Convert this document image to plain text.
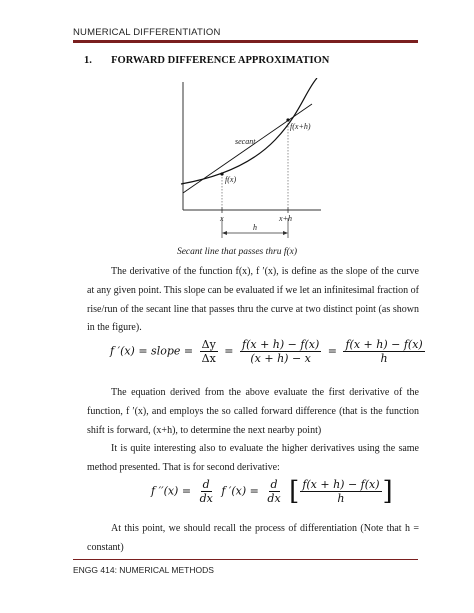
NUMERICAL DIFFERENTIATION
1. FORWARD DIFFERENCE APPROXIMATION
secant
f(x+h)
f(x)
x	x+h
h
Secant line that passes thru f(x)
The derivative of the function f(x), f ′(x), is define as the slope of the curve at any given point. This slope can be evaluated if we let an infinitesimal fraction of rise/run of the secant line that passes thru the curve at two distinct point (as shown in the figure).
f ′(x) = slope = $\frac{\Delta y}{\Delta x} = \frac{f(x + h) - f(x)}{(x + h) - x} = \frac{f(x + h) - f(x)}{h}$
The equation derived from the above evaluate the first derivative of the function, f ′(x), and employs the so called forward difference (that is the function shift is forward, (x+h), to determine the next nearby point)
It is quite interesting also to evaluate the higher derivatives using the same method presented. That is for second derivative:
f $''(x) = \frac{d}{dx}$ f $'(x) = \frac{d}{dx}$ [ $\frac{f(x + h) - f(x)}{h}$ ]
At this point, we should recall the process of differentiation (Note that h = constant)
ENGG 414: NUMERICAL METHODS
